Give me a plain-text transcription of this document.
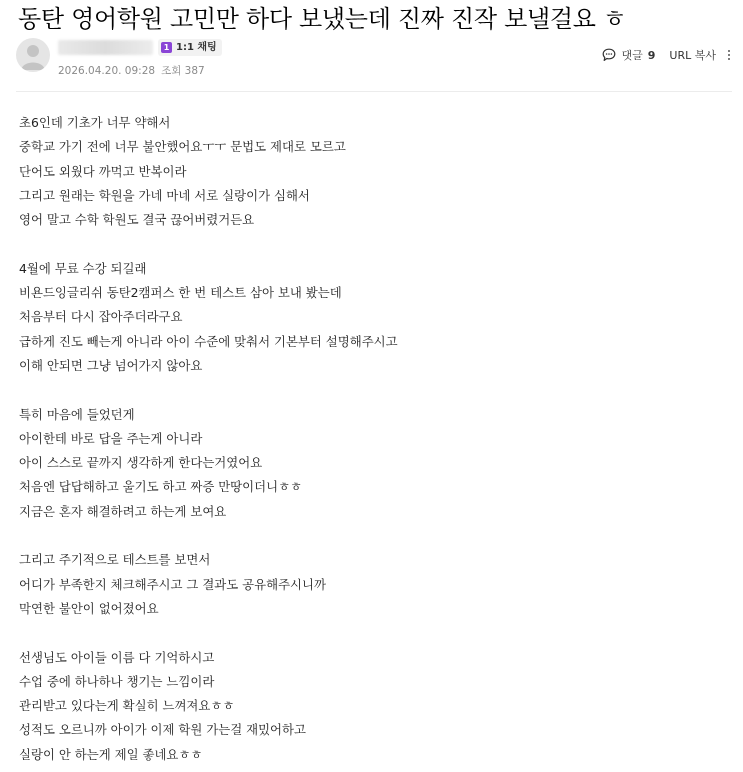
동탄 영어학원 고민만 하다 보냈는데 진짜 진작 보낼걸요 ㅎ
1 1:1 채팅
2026.04.20. 09:28 조회 387
댓글 9 URL 복사
초6인데 기초가 너무 약해서
중학교 가기 전에 너무 불안했어요ㅜㅜ 문법도 제대로 모르고
단어도 외웠다 까먹고 반복이라
그리고 원래는 학원을 가네 마네 서로 실랑이가 심해서
영어 말고 수학 학원도 결국 끊어버렸거든요
4월에 무료 수강 되길래
비욘드잉글리쉬 동탄2캠퍼스 한 번 테스트 삼아 보내 봤는데
처음부터 다시 잡아주더라구요
급하게 진도 빼는게 아니라 아이 수준에 맞춰서 기본부터 설명해주시고
이해 안되면 그냥 넘어가지 않아요
특히 마음에 들었던게
아이한테 바로 답을 주는게 아니라
아이 스스로 끝까지 생각하게 한다는거였어요
처음엔 답답해하고 울기도 하고 짜증 만땅이더니ㅎㅎ
지금은 혼자 해결하려고 하는게 보여요
그리고 주기적으로 테스트를 보면서
어디가 부족한지 체크해주시고 그 결과도 공유해주시니까
막연한 불안이 없어졌어요
선생님도 아이들 이름 다 기억하시고
수업 중에 하나하나 챙기는 느낌이라
관리받고 있다는게 확실히 느껴져요ㅎㅎ
성적도 오르니까 아이가 이제 학원 가는걸 재밌어하고
실랑이 안 하는게 제일 좋네요ㅎㅎ
